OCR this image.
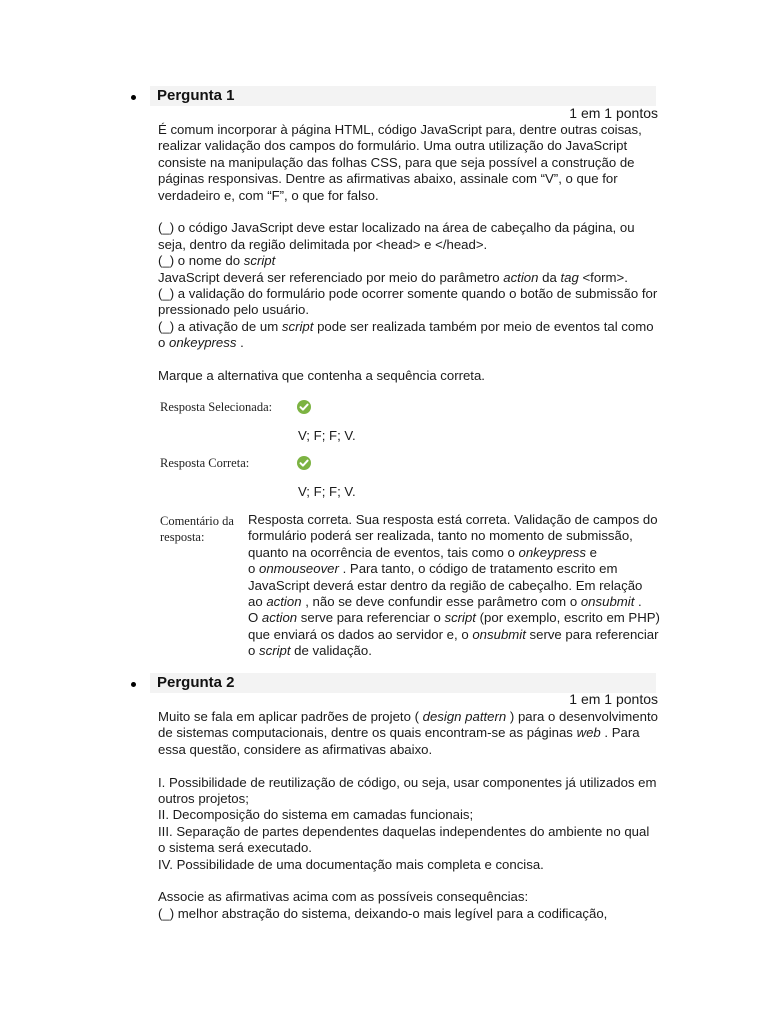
Pergunta 1
1 em 1 pontos

É comum incorporar à página HTML, código JavaScript para, dentre outras coisas,

realizar validação dos campos do formulário. Uma outra utilização do JavaScript

consiste na manipulação das folhas CSS, para que seja possível a construção de

páginas responsivas. Dentre as afirmativas abaixo, assinale com “V”, o que for

verdadeiro e, com “F”, o que for falso.

(_) o código JavaScript deve estar localizado na área de cabeçalho da página, ou

seja, dentro da região delimitada por <head> e </head>.

(_) o nome do script

JavaScript deverá ser referenciado por meio do parâmetro action da tag <form>.

(_) a validação do formulário pode ocorrer somente quando o botão de submissão for

pressionado pelo usuário.

(_) a ativação de um script pode ser realizada também por meio de eventos tal como

o onkeypress .

Marque a alternativa que contenha a sequência correta.

Resposta Selecionada:
V; F; F; V.
Resposta Correta:
V; F; F; V.
Comentário da resposta:

Resposta correta. Sua resposta está correta. Validação de campos do

formulário poderá ser realizada, tanto no momento de submissão,

quanto na ocorrência de eventos, tais como o onkeypress e

o onmouseover . Para tanto, o código de tratamento escrito em

JavaScript deverá estar dentro da região de cabeçalho. Em relação

ao action , não se deve confundir esse parâmetro com o onsubmit .

O action serve para referenciar o script (por exemplo, escrito em PHP)

que enviará os dados ao servidor e, o onsubmit serve para referenciar

o script de validação.

Pergunta 2
1 em 1 pontos

Muito se fala em aplicar padrões de projeto ( design pattern ) para o desenvolvimento

de sistemas computacionais, dentre os quais encontram-se as páginas web . Para

essa questão, considere as afirmativas abaixo.

I. Possibilidade de reutilização de código, ou seja, usar componentes já utilizados em

outros projetos;

II. Decomposição do sistema em camadas funcionais;

III. Separação de partes dependentes daquelas independentes do ambiente no qual

o sistema será executado.

IV. Possibilidade de uma documentação mais completa e concisa.

Associe as afirmativas acima com as possíveis consequências:

(_) melhor abstração do sistema, deixando-o mais legível para a codificação,
